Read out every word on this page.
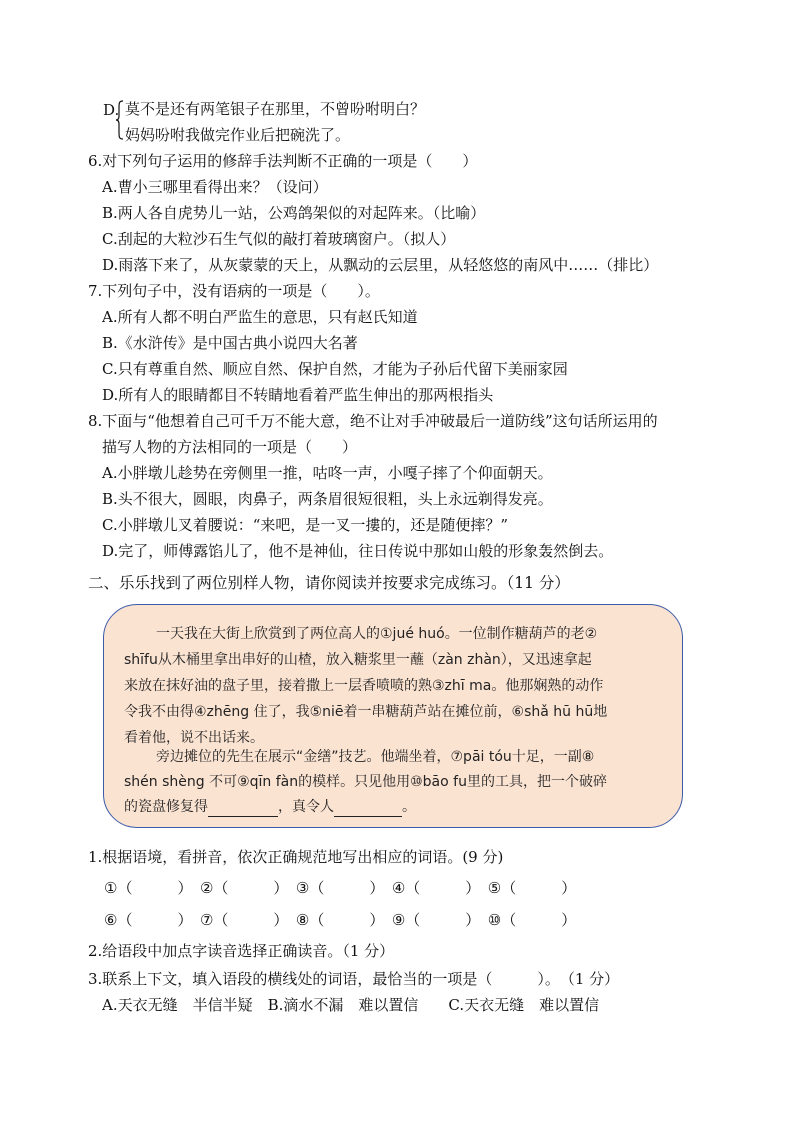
D. 莫不是还有两笔银子在那里，不曾吩咐明白？
妈妈吩咐我做完作业后把碗洗了。
6.对下列句子运用的修辞手法判断不正确的一项是（　　）
A.曹小三哪里看得出来？（设问）
B.两人各自虎势儿一站，公鸡鸽架似的对起阵来。（比喻）
C.刮起的大粒沙石生气似的敲打着玻璃窗户。（拟人）
D.雨落下来了，从灰蒙蒙的天上，从飘动的云层里，从轻悠悠的南风中……（排比）
7.下列句子中，没有语病的一项是（　　）。
A.所有人都不明白严监生的意思，只有赵氏知道
B.《水浒传》是中国古典小说四大名著
C.只有尊重自然、顺应自然、保护自然，才能为子孙后代留下美丽家园
D.所有人的眼睛都目不转睛地看着严监生伸出的那两根指头
8.下面与“他想着自己可千万不能大意，绝不让对手冲破最后一道防线”这句话所运用的
描写人物的方法相同的一项是（　　）
A.小胖墩儿趁势在旁侧里一推，咕咚一声，小嘎子摔了个仰面朝天。
B.头不很大，圆眼，肉鼻子，两条眉很短很粗，头上永远剃得发亮。
C.小胖墩儿叉着腰说：“来吧，是一叉一摟的，还是随便摔？”
D.完了，师傅露馅儿了，他不是神仙，往日传说中那如山般的形象轰然倒去。
二、乐乐找到了两位别样人物，请你阅读并按要求完成练习。（11 分）
一天我在大街上欣赏到了两位高人的①jué huó。一位制作糖葫芦的老②
shīfu从木桶里拿出串好的山楂，放入糖浆里一蘸（zàn zhàn），又迅速拿起
来放在抹好油的盘子里，接着撒上一层香喷喷的熟③zhī ma。他那娴熟的动作
令我不由得④zhēng 住了，我⑤niē着一串糖葫芦站在摊位前，⑥shǎ hū hū地
看着他，说不出话来。
旁边摊位的先生在展示“金缮”技艺。他端坐着，⑦pāi tóu十足，一副⑧
shén shèng 不可⑨qīn fàn的模样。只见他用⑩bāo fu里的工具，把一个破碎
的瓷盘修复得	，真令人	。
1.根据语境，看拼音，依次正确规范地写出相应的词语。(9 分)
①（　　　）　②（　　　）　③（　　　）　④（　　　）　⑤（　　　）
⑥（　　　）　⑦（　　　）　⑧（　　　）　⑨（　　　）　⑩（　　　）
2.给语段中加点字读音选择正确读音。（1 分）
3.联系上下文，填入语段的横线处的词语，最恰当的一项是（　　　）。　（1 分）
A.天衣无缝　半信半疑　B.滴水不漏　难以置信　　C.天衣无缝　难以置信
